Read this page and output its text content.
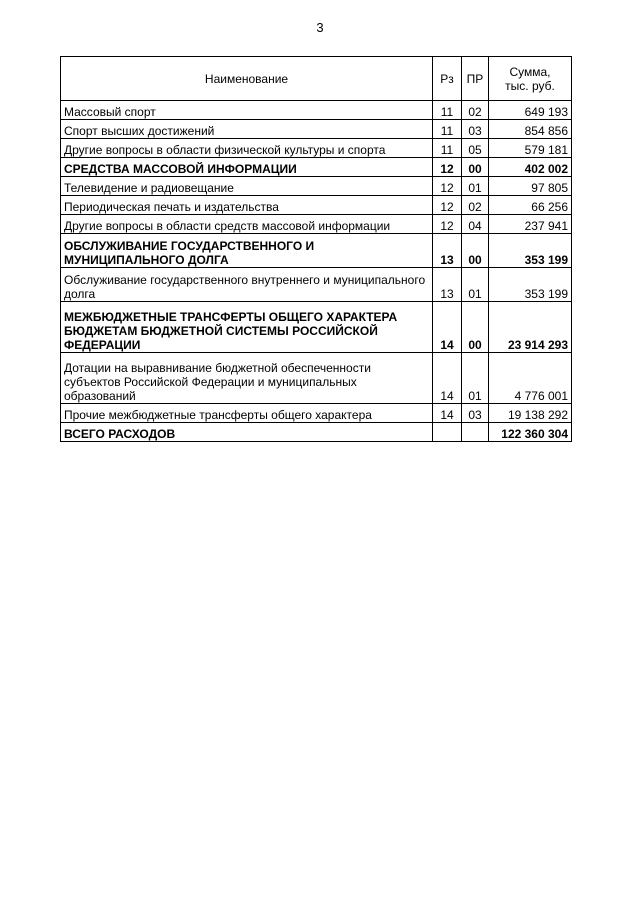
3
Наименование	Рз	ПР	Сумма,
тыс. руб.

Массовый спорт	11	02	649 193
Спорт высших достижений	11	03	854 856
Другие вопросы в области физической культуры и спорта	11	05	579 181
СРЕДСТВА МАССОВОЙ ИНФОРМАЦИИ	12	00	402 002
Телевидение и радиовещание	12	01	97 805
Периодическая печать и издательства	12	02	66 256
Другие вопросы в области средств массовой информации	12	04	237 941
ОБСЛУЖИВАНИЕ ГОСУДАРСТВЕННОГО И МУНИЦИПАЛЬНОГО ДОЛГА	13	00	353 199
Обслуживание государственного внутреннего и муниципального долга	13	01	353 199
МЕЖБЮДЖЕТНЫЕ ТРАНСФЕРТЫ ОБЩЕГО ХАРАКТЕРА БЮДЖЕТАМ БЮДЖЕТНОЙ СИСТЕМЫ РОССИЙСКОЙ ФЕДЕРАЦИИ	14	00	23 914 293
Дотации на выравнивание бюджетной обеспеченности субъектов Российской Федерации и муниципальных образований	14	01	4 776 001
Прочие межбюджетные трансферты общего характера	14	03	19 138 292
ВСЕГО РАСХОДОВ			122 360 304
